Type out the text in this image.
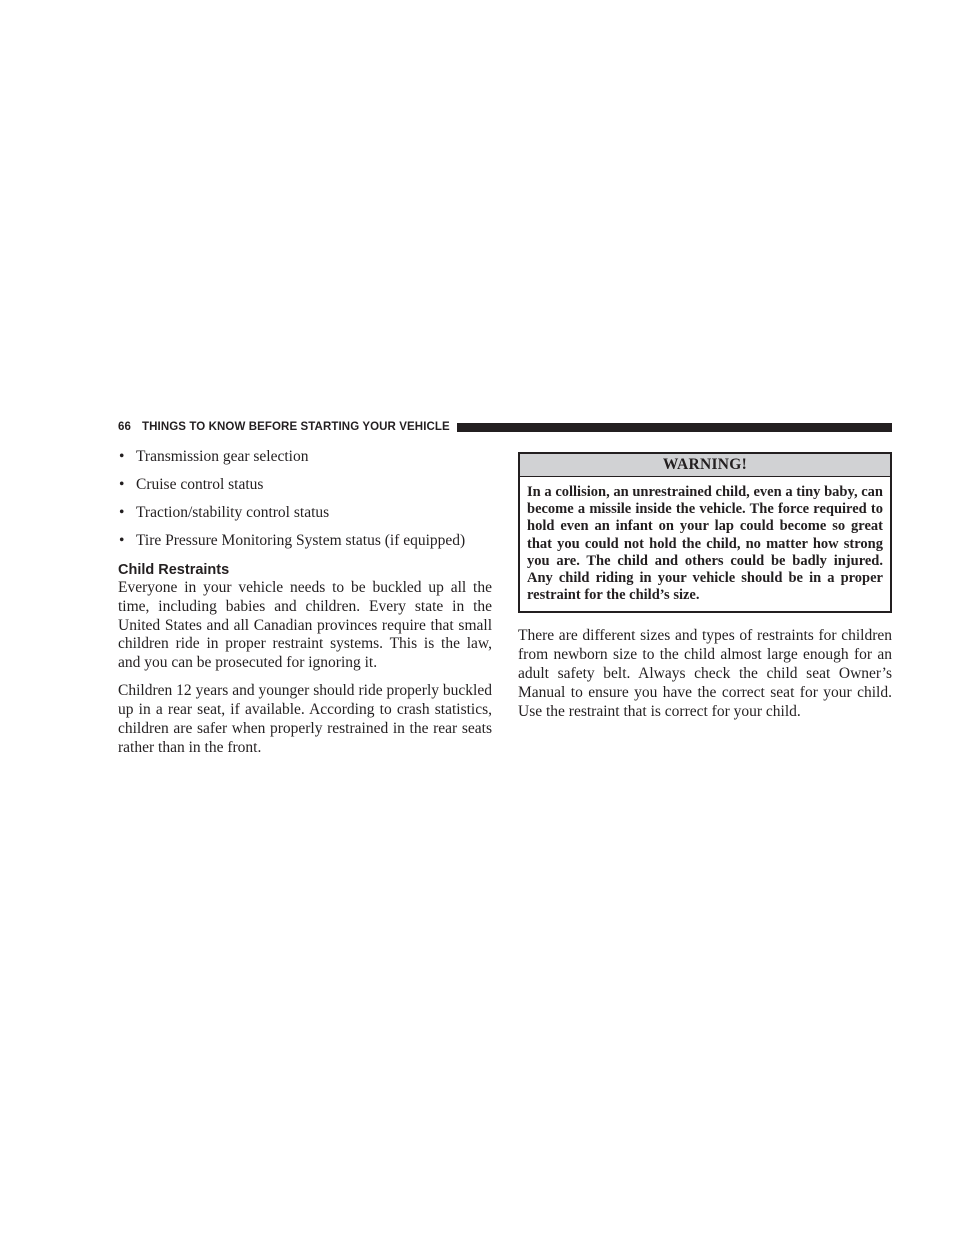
66 THINGS TO KNOW BEFORE STARTING YOUR VEHICLE
• Transmission gear selection
• Cruise control status
• Traction/stability control status
• Tire Pressure Monitoring System status (if equipped)
Child Restraints

Everyone in your vehicle needs to be buckled up all the time, including babies and children. Every state in the United States and all Canadian provinces require that small children ride in proper restraint systems. This is the law, and you can be prosecuted for ignoring it.

Children 12 years and younger should ride properly buckled up in a rear seat, if available. According to crash statistics, children are safer when properly restrained in the rear seats rather than in the front.

WARNING!
In a collision, an unrestrained child, even a tiny baby, can become a missile inside the vehicle. The force required to hold even an infant on your lap could become so great that you could not hold the child, no matter how strong you are. The child and others could be badly injured. Any child riding in your vehicle should be in a proper restraint for the child’s size.

There are different sizes and types of restraints for children from newborn size to the child almost large enough for an adult safety belt. Always check the child seat Owner’s Manual to ensure you have the correct seat for your child. Use the restraint that is correct for your child.
